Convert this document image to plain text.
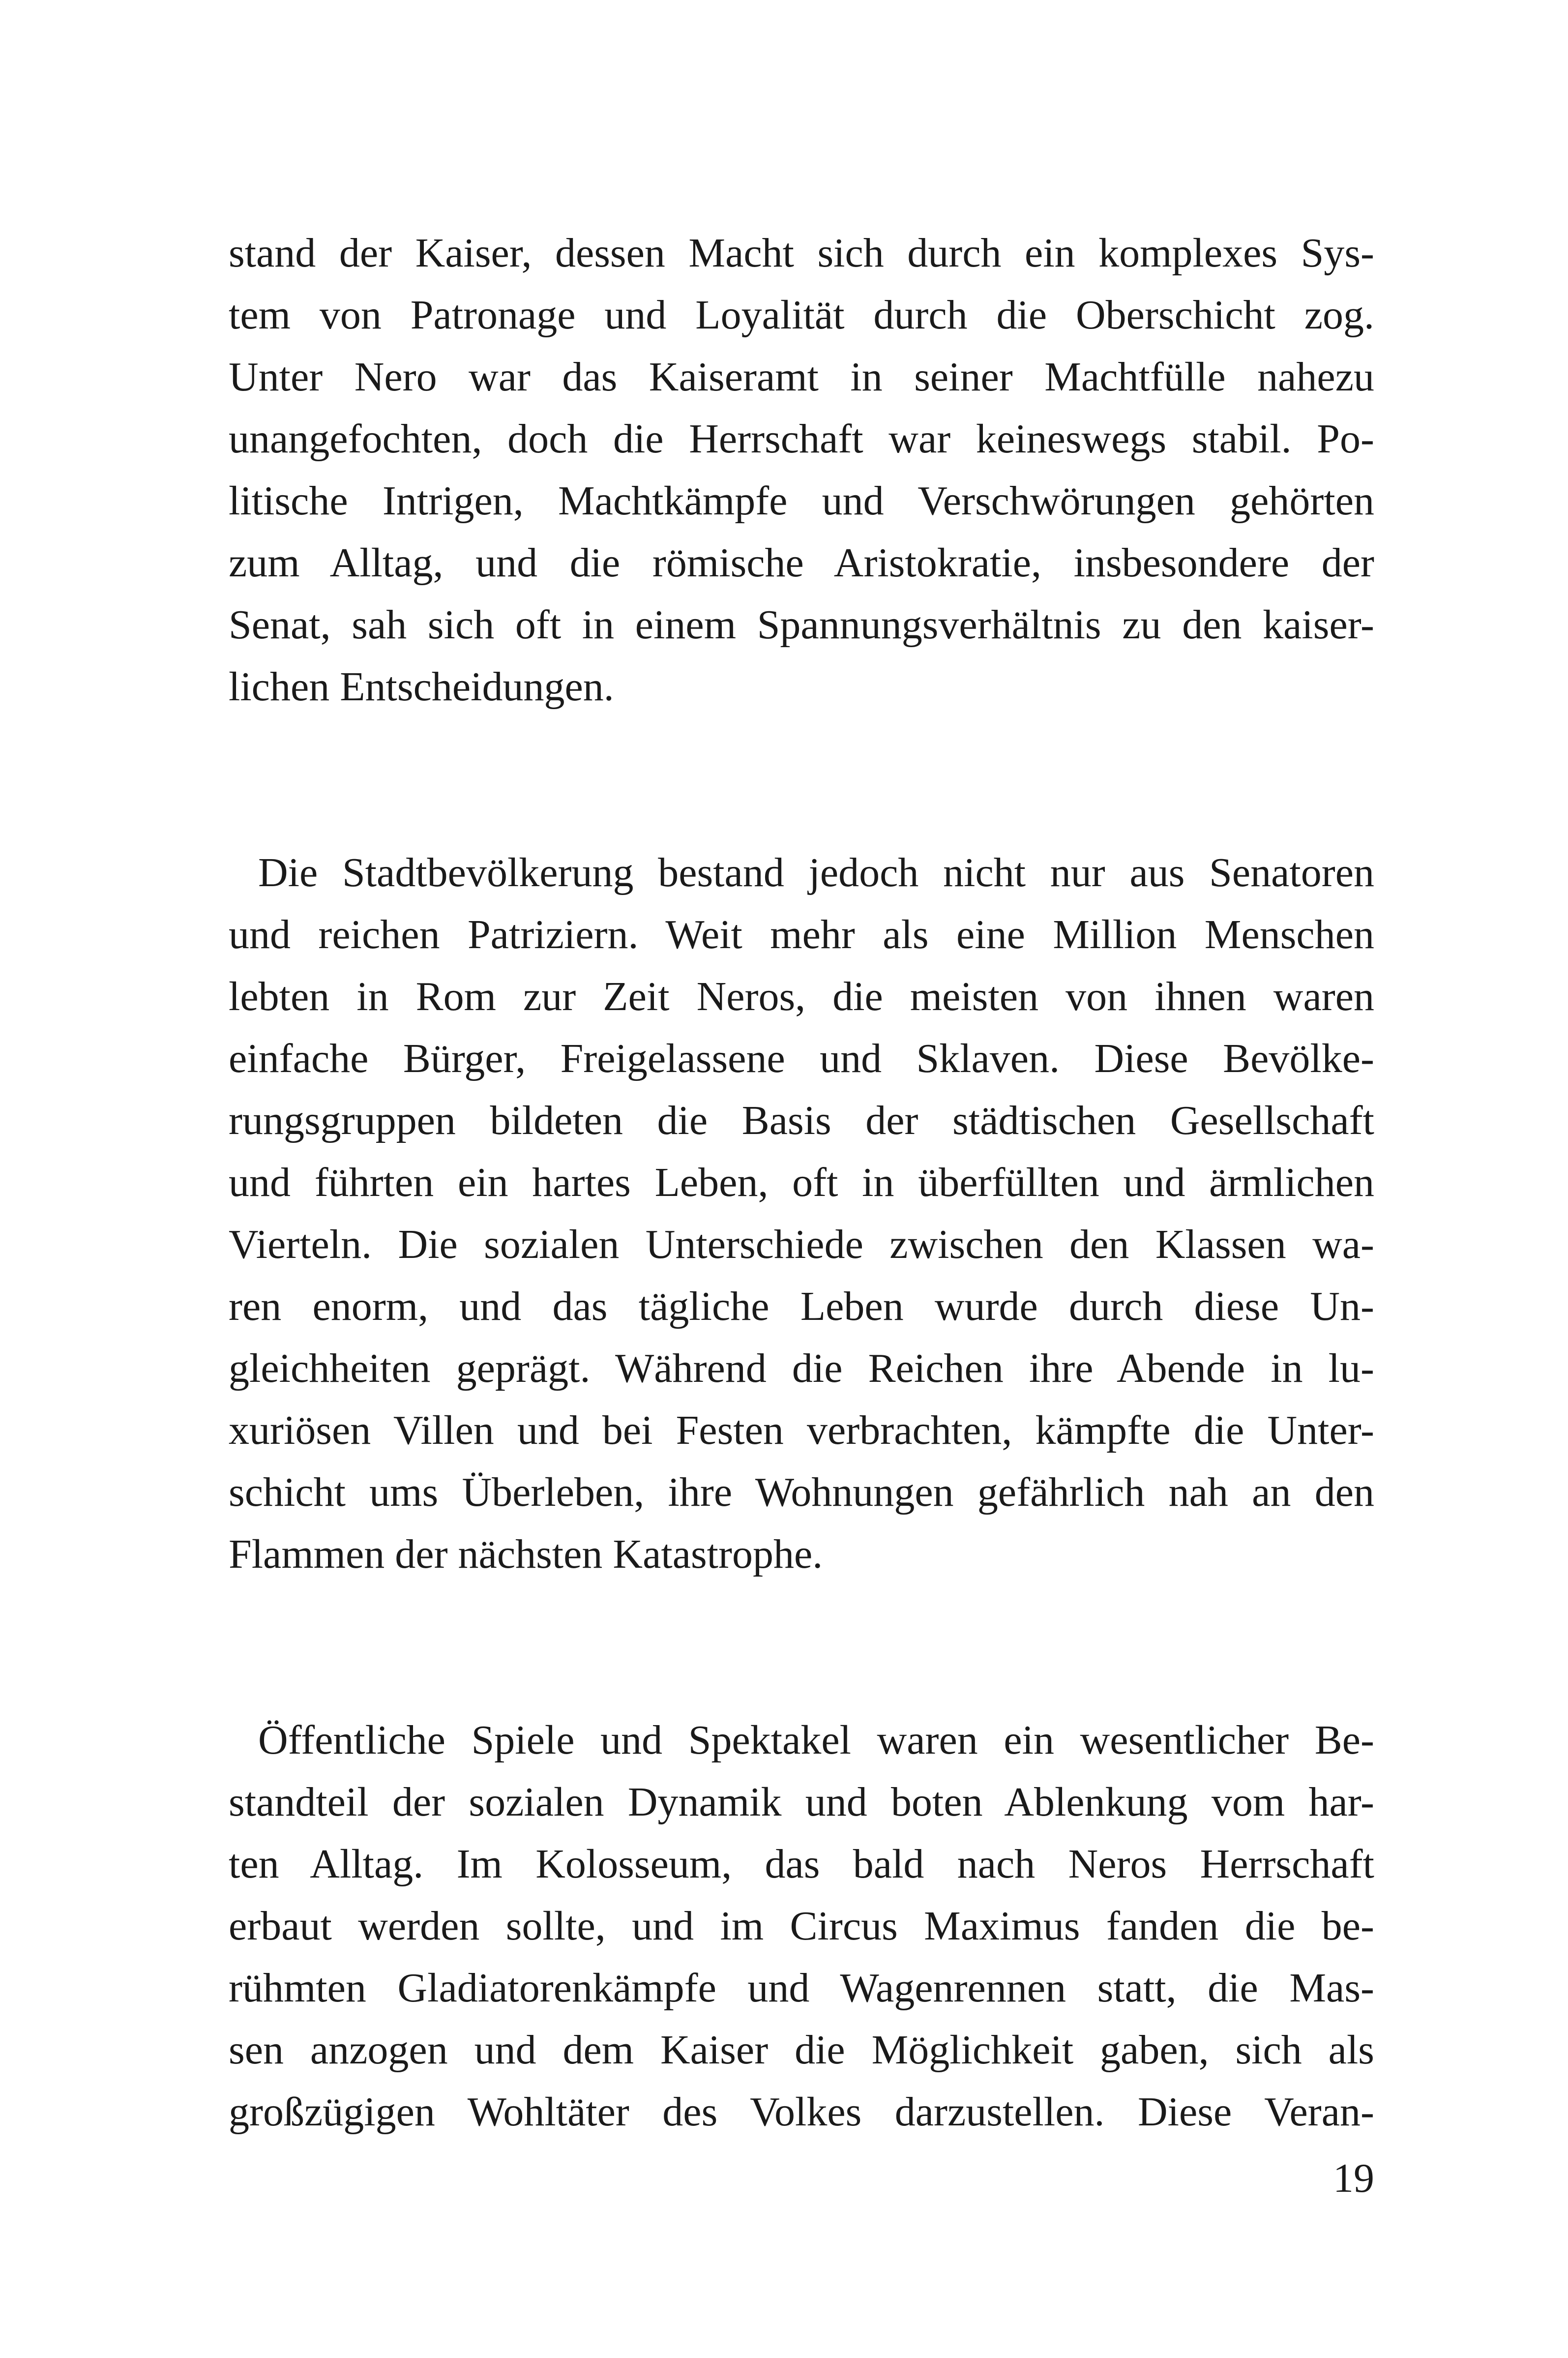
stand der Kaiser, dessen Macht sich durch ein komplexes Sys-
tem von Patronage und Loyalität durch die Oberschicht zog.
Unter Nero war das Kaiseramt in seiner Machtfülle nahezu
unangefochten, doch die Herrschaft war keineswegs stabil. Po-
litische Intrigen, Machtkämpfe und Verschwörungen gehörten
zum Alltag, und die römische Aristokratie, insbesondere der
Senat, sah sich oft in einem Spannungsverhältnis zu den kaiser-
lichen Entscheidungen.
Die Stadtbevölkerung bestand jedoch nicht nur aus Senatoren
und reichen Patriziern. Weit mehr als eine Million Menschen
lebten in Rom zur Zeit Neros, die meisten von ihnen waren
einfache Bürger, Freigelassene und Sklaven. Diese Bevölke-
rungsgruppen bildeten die Basis der städtischen Gesellschaft
und führten ein hartes Leben, oft in überfüllten und ärmlichen
Vierteln. Die sozialen Unterschiede zwischen den Klassen wa-
ren enorm, und das tägliche Leben wurde durch diese Un-
gleichheiten geprägt. Während die Reichen ihre Abende in lu-
xuriösen Villen und bei Festen verbrachten, kämpfte die Unter-
schicht ums Überleben, ihre Wohnungen gefährlich nah an den
Flammen der nächsten Katastrophe.
Öffentliche Spiele und Spektakel waren ein wesentlicher Be-
standteil der sozialen Dynamik und boten Ablenkung vom har-
ten Alltag. Im Kolosseum, das bald nach Neros Herrschaft
erbaut werden sollte, und im Circus Maximus fanden die be-
rühmten Gladiatorenkämpfe und Wagenrennen statt, die Mas-
sen anzogen und dem Kaiser die Möglichkeit gaben, sich als
großzügigen Wohltäter des Volkes darzustellen. Diese Veran-
19
